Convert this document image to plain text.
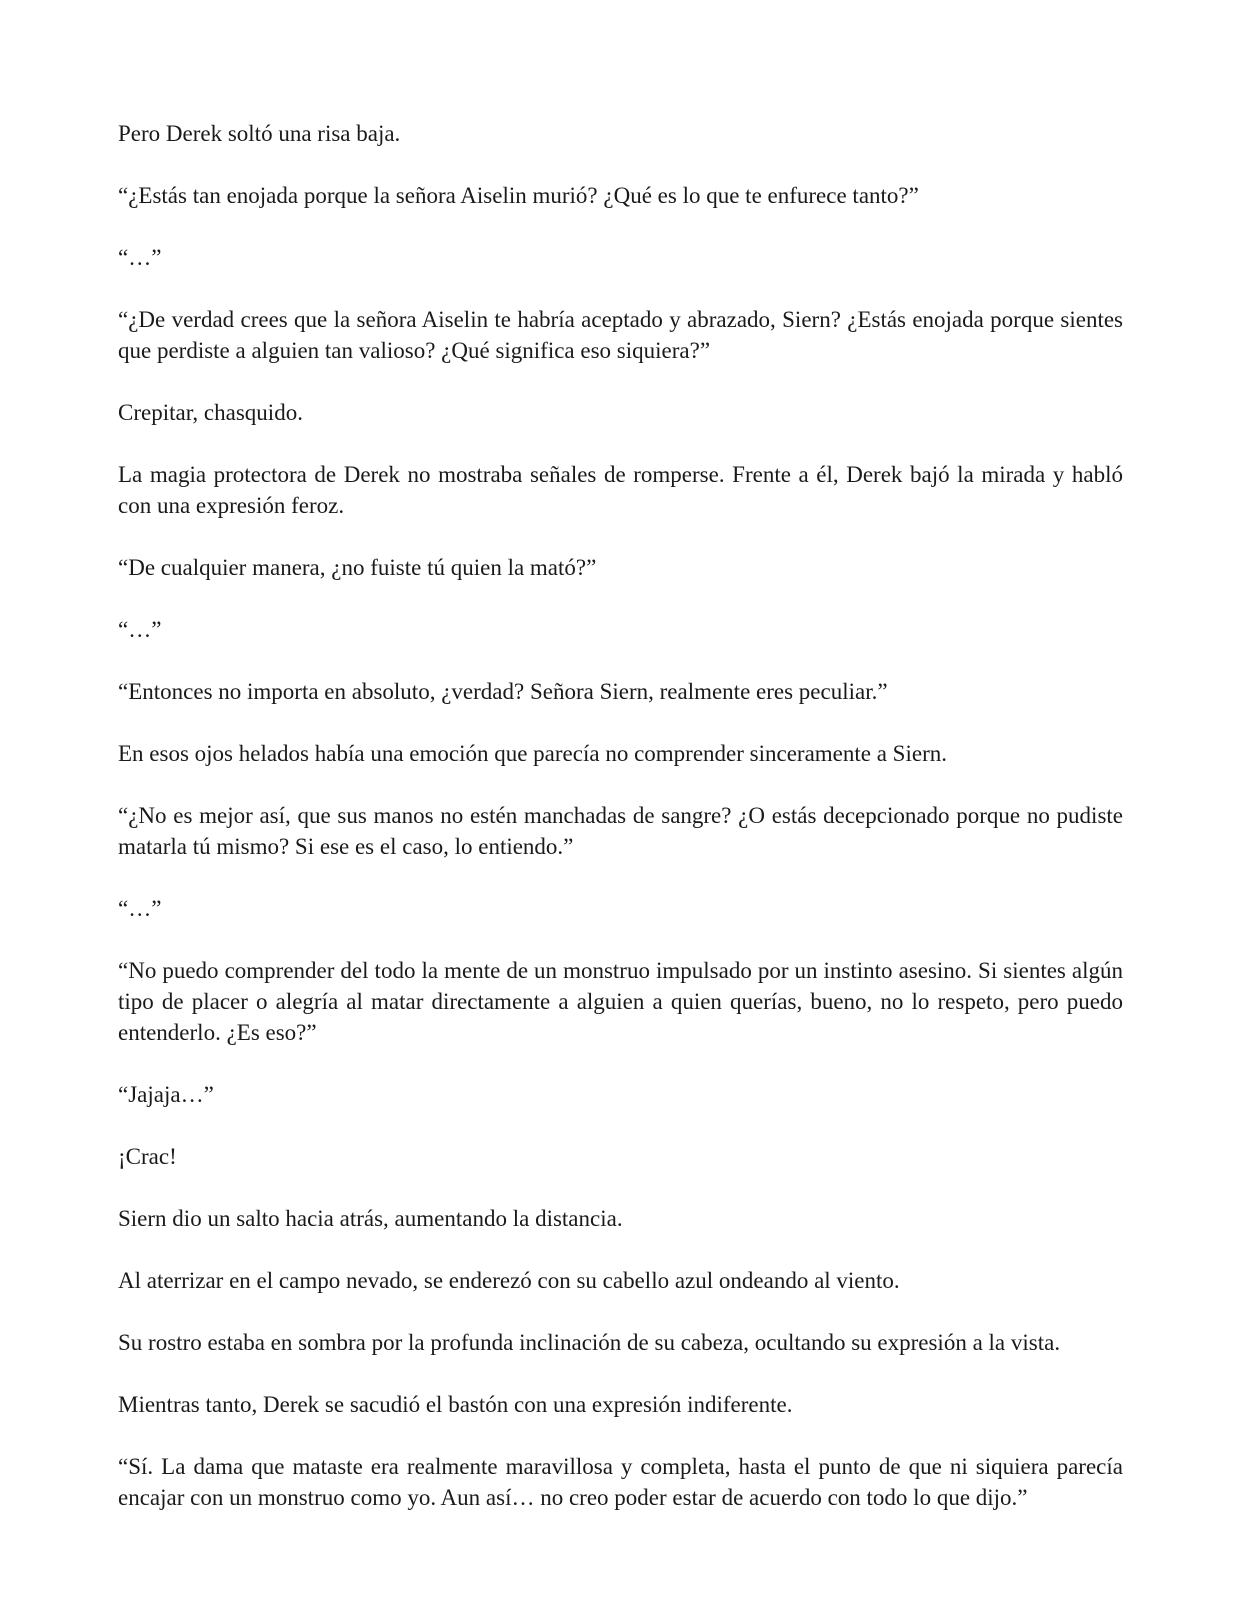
Pero Derek soltó una risa baja.

“¿Estás tan enojada porque la señora Aiselin murió? ¿Qué es lo que te enfurece tanto?”

“…”

“¿De verdad crees que la señora Aiselin te habría aceptado y abrazado, Siern? ¿Estás enojada porque sientes que perdiste a alguien tan valioso? ¿Qué significa eso siquiera?”

Crepitar, chasquido.

La magia protectora de Derek no mostraba señales de romperse. Frente a él, Derek bajó la mirada y habló con una expresión feroz.

“De cualquier manera, ¿no fuiste tú quien la mató?”

“…”

“Entonces no importa en absoluto, ¿verdad? Señora Siern, realmente eres peculiar.”

En esos ojos helados había una emoción que parecía no comprender sinceramente a Siern.

“¿No es mejor así, que sus manos no estén manchadas de sangre? ¿O estás decepcionado porque no pudiste matarla tú mismo? Si ese es el caso, lo entiendo.”

“…”

“No puedo comprender del todo la mente de un monstruo impulsado por un instinto asesino. Si sientes algún tipo de placer o alegría al matar directamente a alguien a quien querías, bueno, no lo respeto, pero puedo entenderlo. ¿Es eso?”

“Jajaja…”

¡Crac!

Siern dio un salto hacia atrás, aumentando la distancia.

Al aterrizar en el campo nevado, se enderezó con su cabello azul ondeando al viento.

Su rostro estaba en sombra por la profunda inclinación de su cabeza, ocultando su expresión a la vista.

Mientras tanto, Derek se sacudió el bastón con una expresión indiferente.

“Sí. La dama que mataste era realmente maravillosa y completa, hasta el punto de que ni siquiera parecía encajar con un monstruo como yo. Aun así… no creo poder estar de acuerdo con todo lo que dijo.”
